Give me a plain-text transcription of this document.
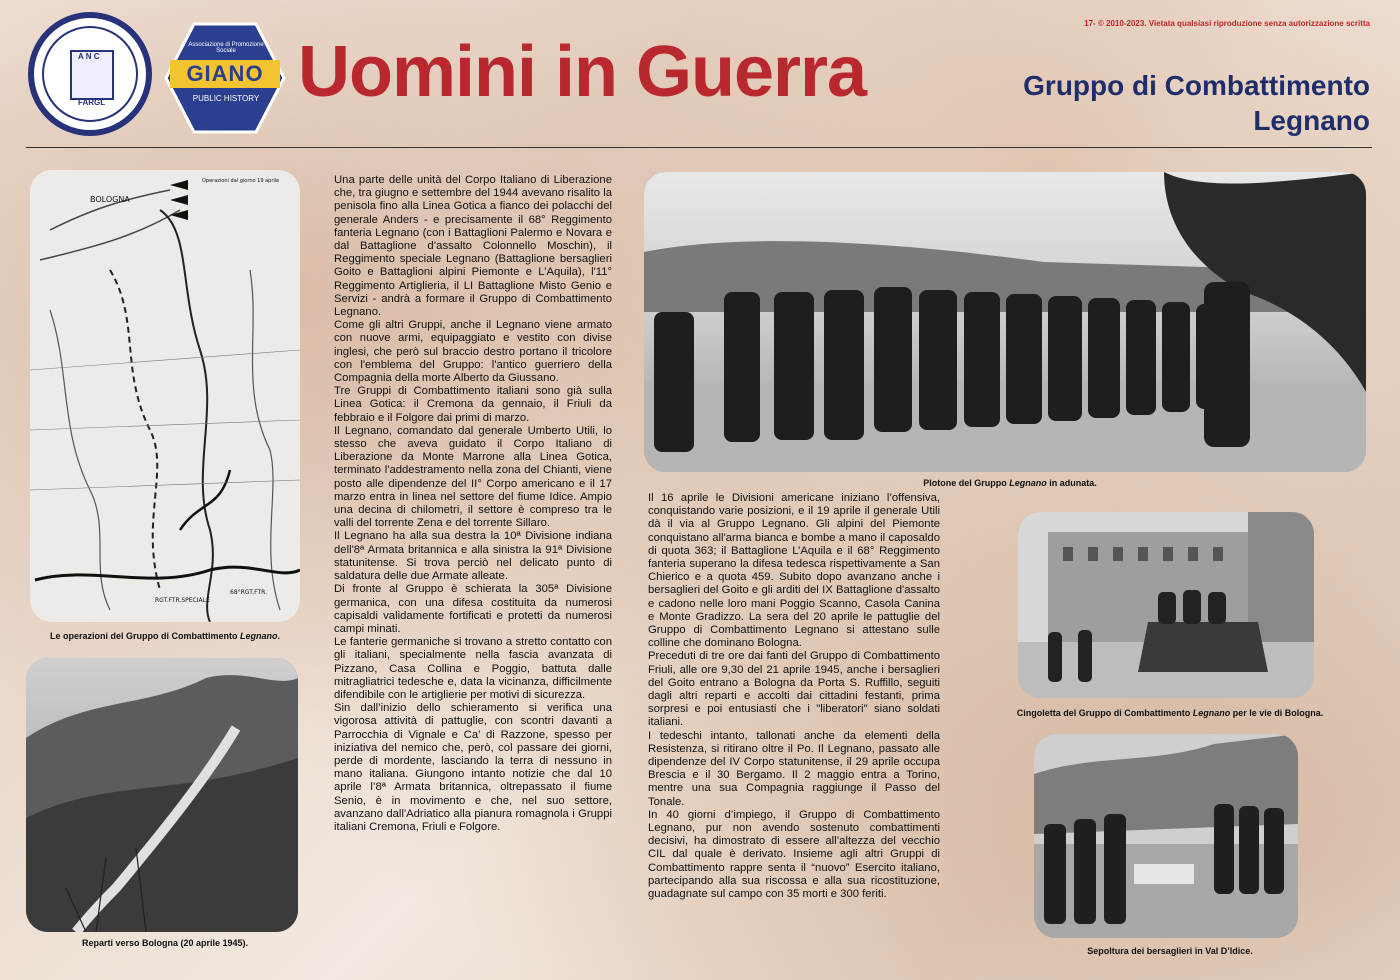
17- © 2010-2023. Vietata qualsiasi riproduzione senza autorizzazione scritta
A N C
FARGL
Associazione di Promozione Sociale
GIANO
PUBLIC HISTORY Uomini in Guerra	Gruppo di Combattimento
Legnano
BOLOGNA
Operazioni dal giorno 19 aprile
RGT.FTR.SPECIALE
68°RGT.FTR.
Le operazioni del Gruppo di Combattimento Legnano.
Reparti verso Bologna (20 aprile 1945).

Una parte delle unità del Corpo Italiano di Liberazione che, tra giugno e settembre del 1944 avevano risalito la penisola fino alla Linea Gotica a fianco dei polacchi del generale Anders - e precisamente il 68° Reggimento fanteria Legnano (con i Battaglioni Palermo e Novara e dal Battaglione d’assalto Colonnello Moschin), il Reggimento speciale Legnano (Battaglione bersaglieri Goito e Battaglioni alpini Piemonte e L’Aquila), l'11° Reggimento Artiglieria, il LI Battaglione Misto Genio e Servizi - andrà a formare il Gruppo di Combattimento Legnano.

Come gli altri Gruppi, anche il Legnano viene armato con nuove armi, equipaggiato e vestito con divise inglesi, che però sul braccio destro portano il tricolore con l'emblema del Gruppo: l'antico guerriero della Compagnia della morte Alberto da Giussano.

Tre Gruppi di Combattimento italiani sono già sulla Linea Gotica: il Cremona da gennaio, il Friuli da febbraio e il Folgore dai primi di marzo.

Il Legnano, comandato dal generale Umberto Utili, lo stesso che aveva guidato il Corpo Italiano di Liberazione da Monte Marrone alla Linea Gotica, terminato l'addestramento nella zona del Chianti, viene posto alle dipendenze del II° Corpo americano e il 17 marzo entra in linea nel settore del fiume Idice. Ampio una decina di chilometri, il settore è compreso tra le valli del torrente Zena e del torrente Sillaro.

Il Legnano ha alla sua destra la 10ª Divisione indiana dell'8ª Armata britannica e alla sinistra la 91ª Divisione statunitense. Si trova perciò nel delicato punto di saldatura delle due Armate alleate.

Di fronte al Gruppo è schierata la 305ª Divisione germanica, con una difesa costituita da numerosi capisaldi validamente fortificati e protetti da numerosi campi minati.

Le fanterie germaniche si trovano a stretto contatto con gli italiani, specialmente nella fascia avanzata di Pizzano, Casa Collina e Poggio, battuta dalle mitragliatrici tedesche e, data la vicinanza, difficilmente difendibile con le artiglierie per motivi di sicurezza.

Sin dall’inizio dello schieramento si verifica una vigorosa attività di pattuglie, con scontri davanti a Parrocchia di Vignale e Ca’ di Razzone, spesso per iniziativa del nemico che, però, col passare dei giorni, perde di mordente, lasciando la terra di nessuno in mano italiana. Giungono intanto notizie che dal 10 aprile l’8ª Armata britannica, oltrepassato il fiume Senio, è in movimento e che, nel suo settore, avanzano dall'Adriatico alla pianura romagnola i Gruppi italiani Cremona, Friuli e Folgore.

Plotone del Gruppo Legnano in adunata.

Il 16 aprile le Divisioni americane iniziano l’offensiva, conquistando varie posizioni, e il 19 aprile il generale Utili dà il via al Gruppo Legnano. Gli alpini del Piemonte conquistano all'arma bianca e bombe a mano il caposaldo di quota 363; il Battaglione L’Aquila e il 68° Reggimento fanteria superano la difesa tedesca rispettivamente a San Chierico e a quota 459. Subito dopo avanzano anche i bersaglieri del Goito e gli arditi del IX Battaglione d'assalto e cadono nelle loro mani Poggio Scanno, Casola Canina e Monte Gradizzo. La sera del 20 aprile le pattuglie del Gruppo di Combattimento Legnano si attestano sulle colline che dominano Bologna.

Preceduti di tre ore dai fanti del Gruppo di Combattimento Friuli, alle ore 9,30 del 21 aprile 1945, anche i bersaglieri del Goito entrano a Bologna da Porta S. Ruffillo, seguiti dagli altri reparti e accolti dai cittadini festanti, prima sorpresi e poi entusiasti che i "liberatori" siano soldati italiani.

I tedeschi intanto, tallonati anche da elementi della Resistenza, si ritirano oltre il Po. Il Legnano, passato alle dipendenze del IV Corpo statunitense, il 29 aprile occupa Brescia e il 30 Bergamo. Il 2 maggio entra a Torino, mentre una sua Compagnia raggiunge il Passo del Tonale.

In 40 giorni d’impiego, il Gruppo di Combattimento Legnano, pur non avendo sostenuto combattimenti decisivi, ha dimostrato di essere all’altezza del vecchio CIL dal quale è derivato. Insieme agli altri Gruppi di Combattimento rappre senta il “nuovo” Esercito italiano, partecipando alla sua riscossa e alla sua ricostituzione, guadagnate sul campo con 35 morti e 300 feriti.

Cingoletta del Gruppo di Combattimento Legnano per le vie di Bologna.
Sepoltura dei bersaglieri in Val D’Idice.
